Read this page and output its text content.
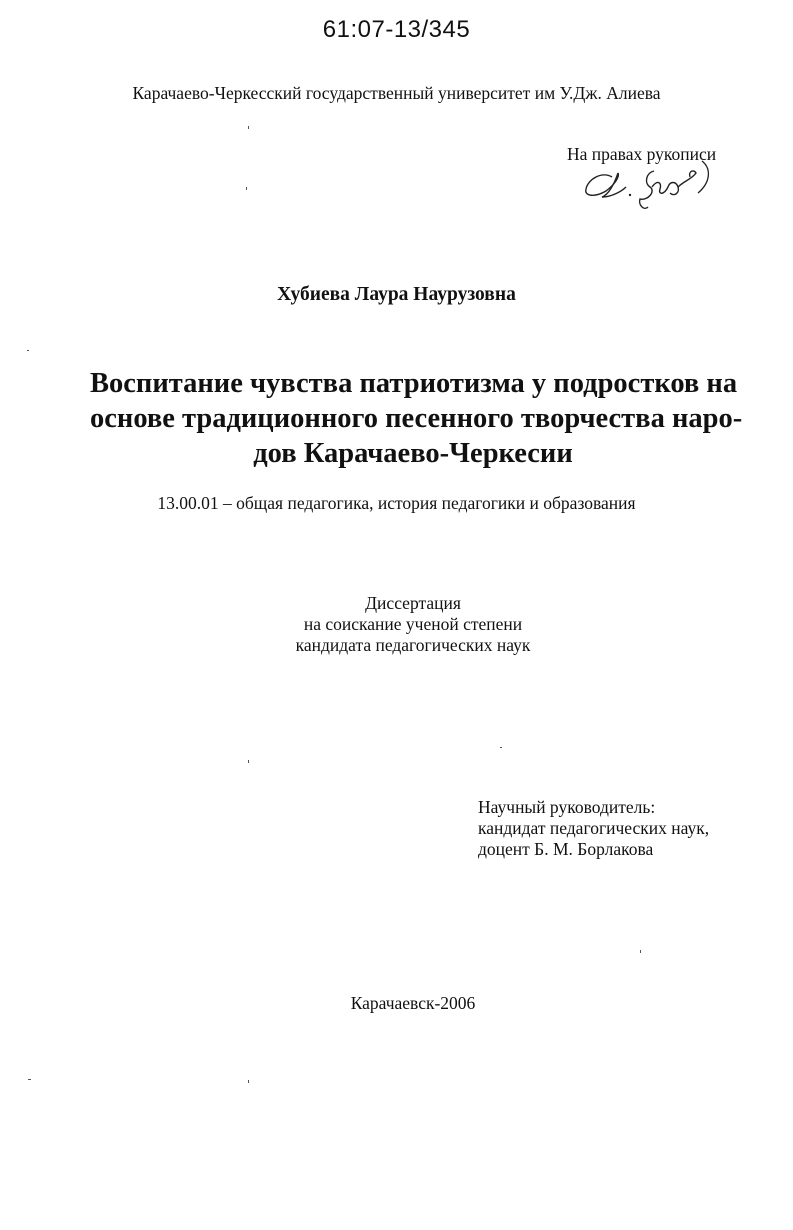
61:07-13/345
Карачаево-Черкесский государственный университет им У.Дж. Алиева
На правах рукописи
Хубиева Лаура Наурузовна
Воспитание чувства патриотизма у подростков на
основе традиционного песенного творчества наро-
дов Карачаево-Черкесии
13.00.01 – общая педагогика, история педагогики и образования
Диссертация
на соискание ученой степени
кандидата педагогических наук
Научный руководитель:
кандидат педагогических наук,
доцент Б. М. Борлакова
Карачаевск-2006
